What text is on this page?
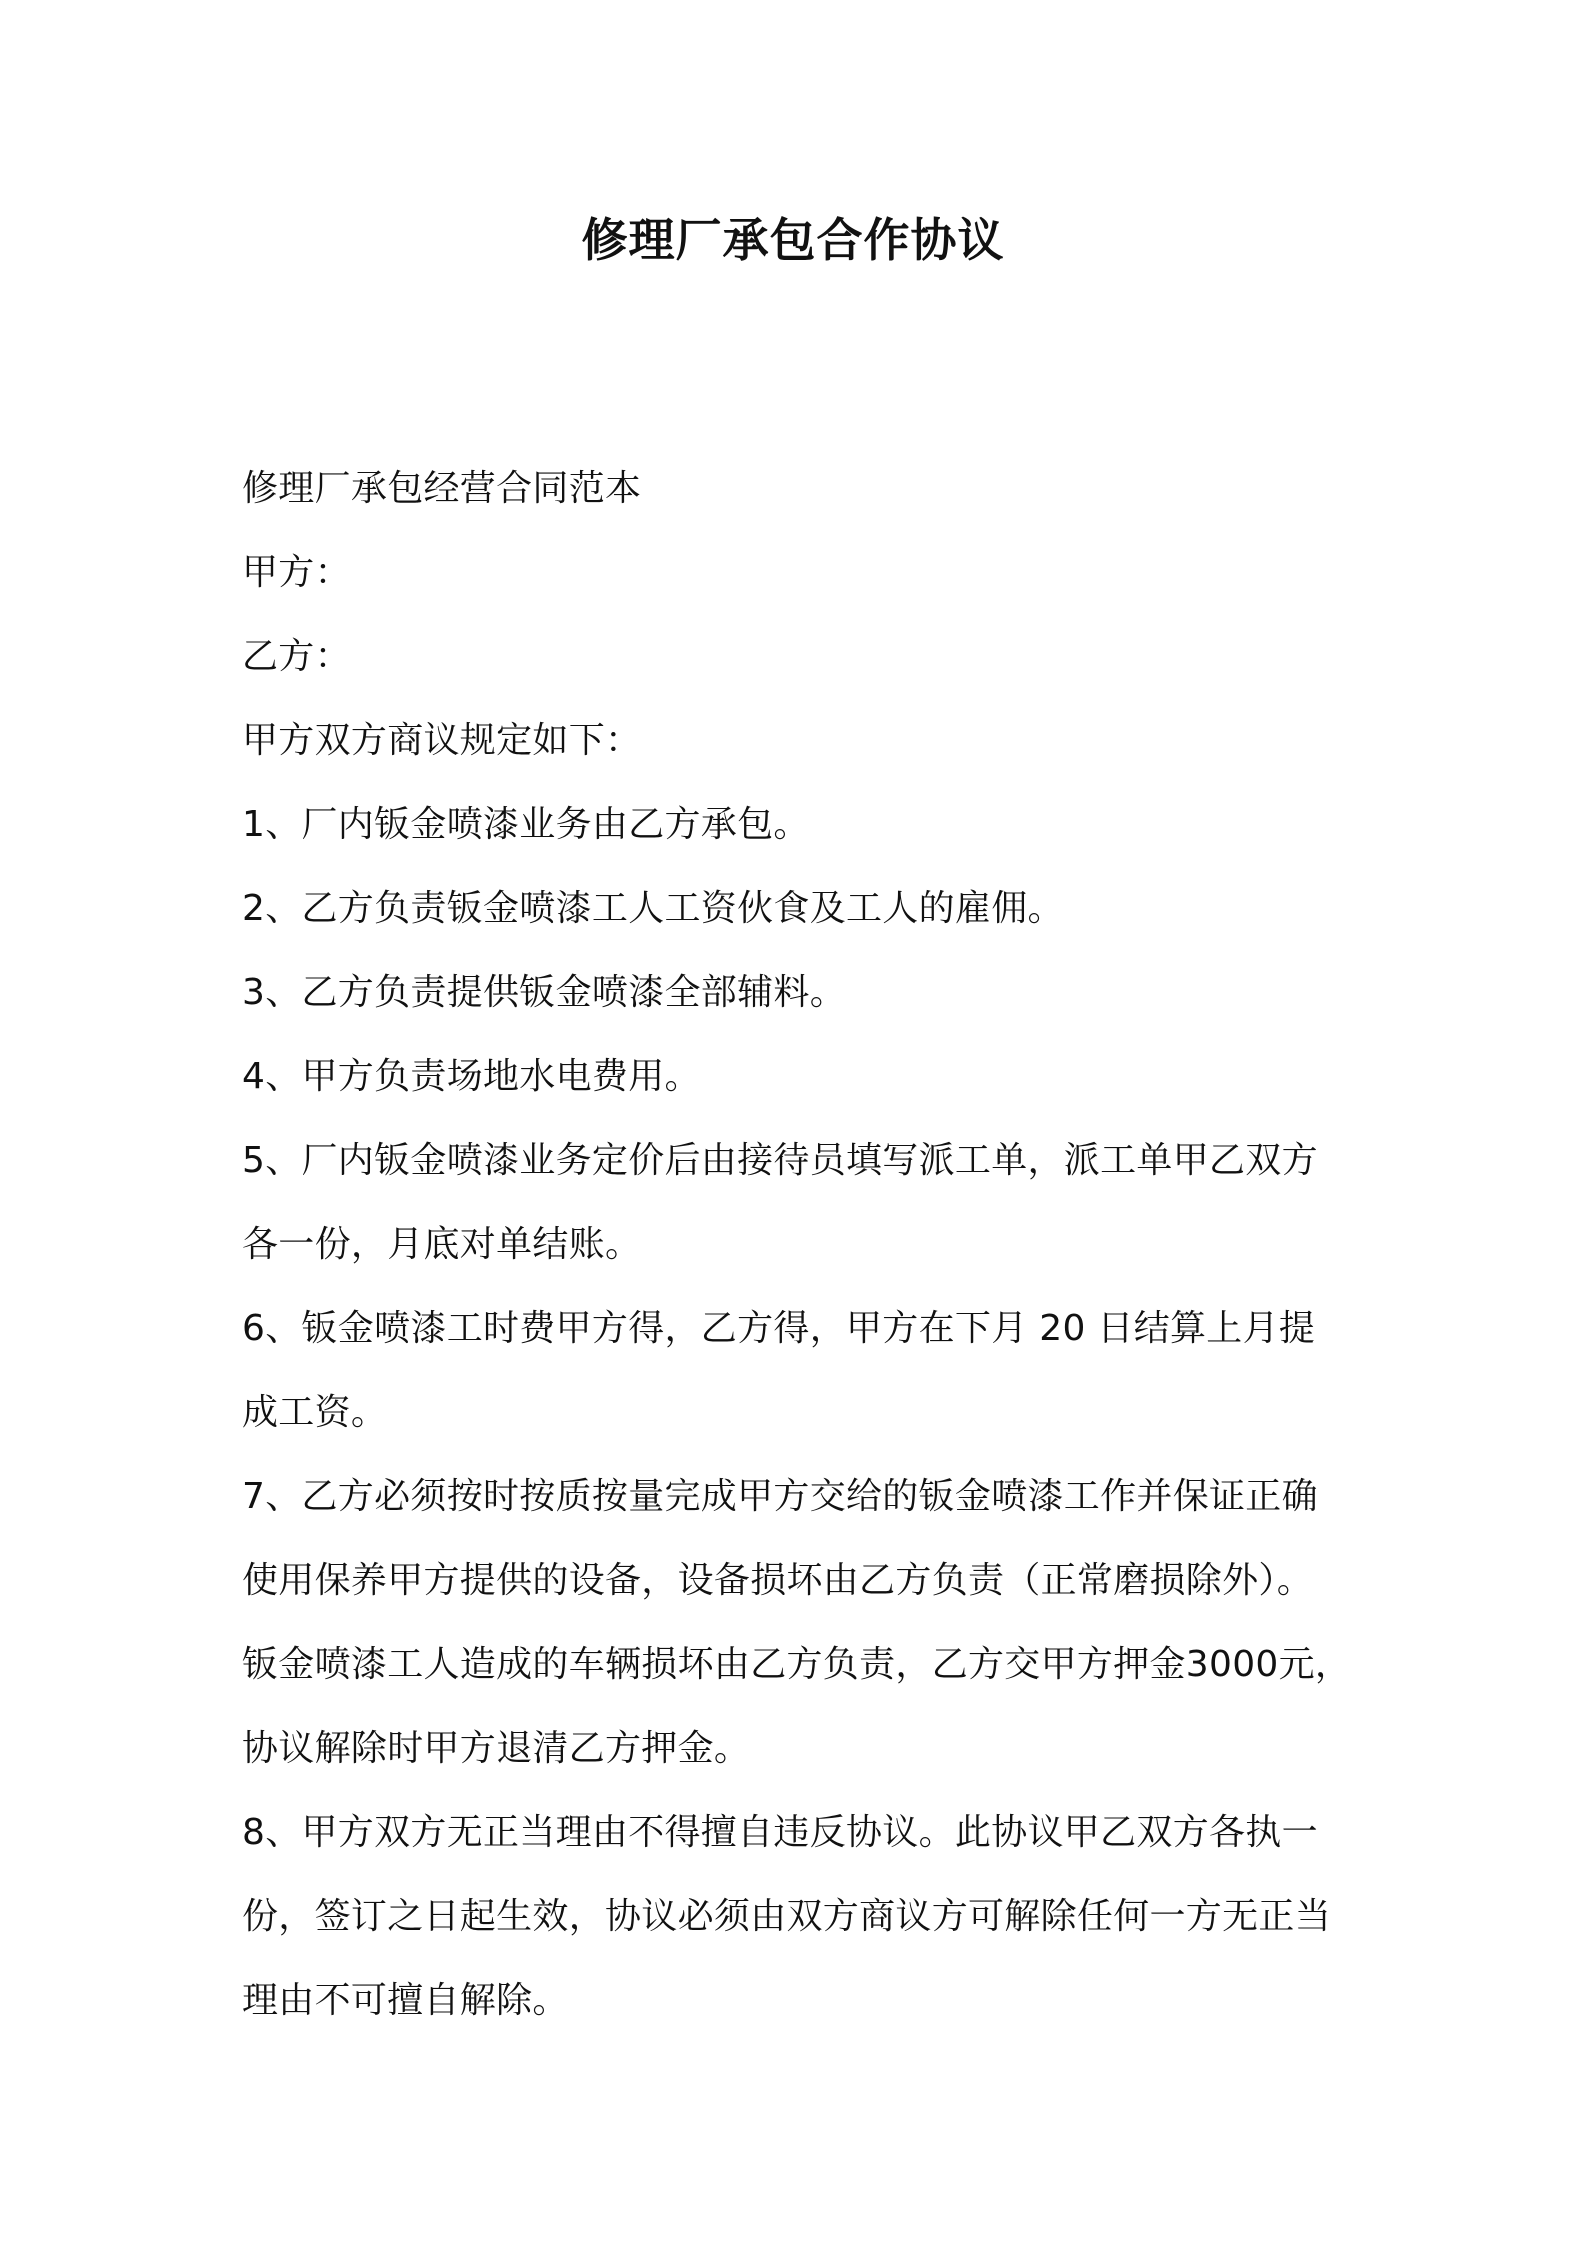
修理厂承包合作协议
修理厂承包经营合同范本
甲方：
乙方：
甲方双方商议规定如下：
1、厂内钣金喷漆业务由乙方承包。
2、乙方负责钣金喷漆工人工资伙食及工人的雇佣。
3、乙方负责提供钣金喷漆全部辅料。
4、甲方负责场地水电费用。
5、厂内钣金喷漆业务定价后由接待员填写派工单，派工单甲乙双方
各一份，月底对单结账。
6、钣金喷漆工时费甲方得，乙方得，甲方在下月 20 日结算上月提
成工资。
7、乙方必须按时按质按量完成甲方交给的钣金喷漆工作并保证正确
使用保养甲方提供的设备，设备损坏由乙方负责（正常磨损除外）。
钣金喷漆工人造成的车辆损坏由乙方负责，乙方交甲方押金3000元，
协议解除时甲方退清乙方押金。
8、甲方双方无正当理由不得擅自违反协议。此协议甲乙双方各执一
份，签订之日起生效，协议必须由双方商议方可解除任何一方无正当
理由不可擅自解除。
